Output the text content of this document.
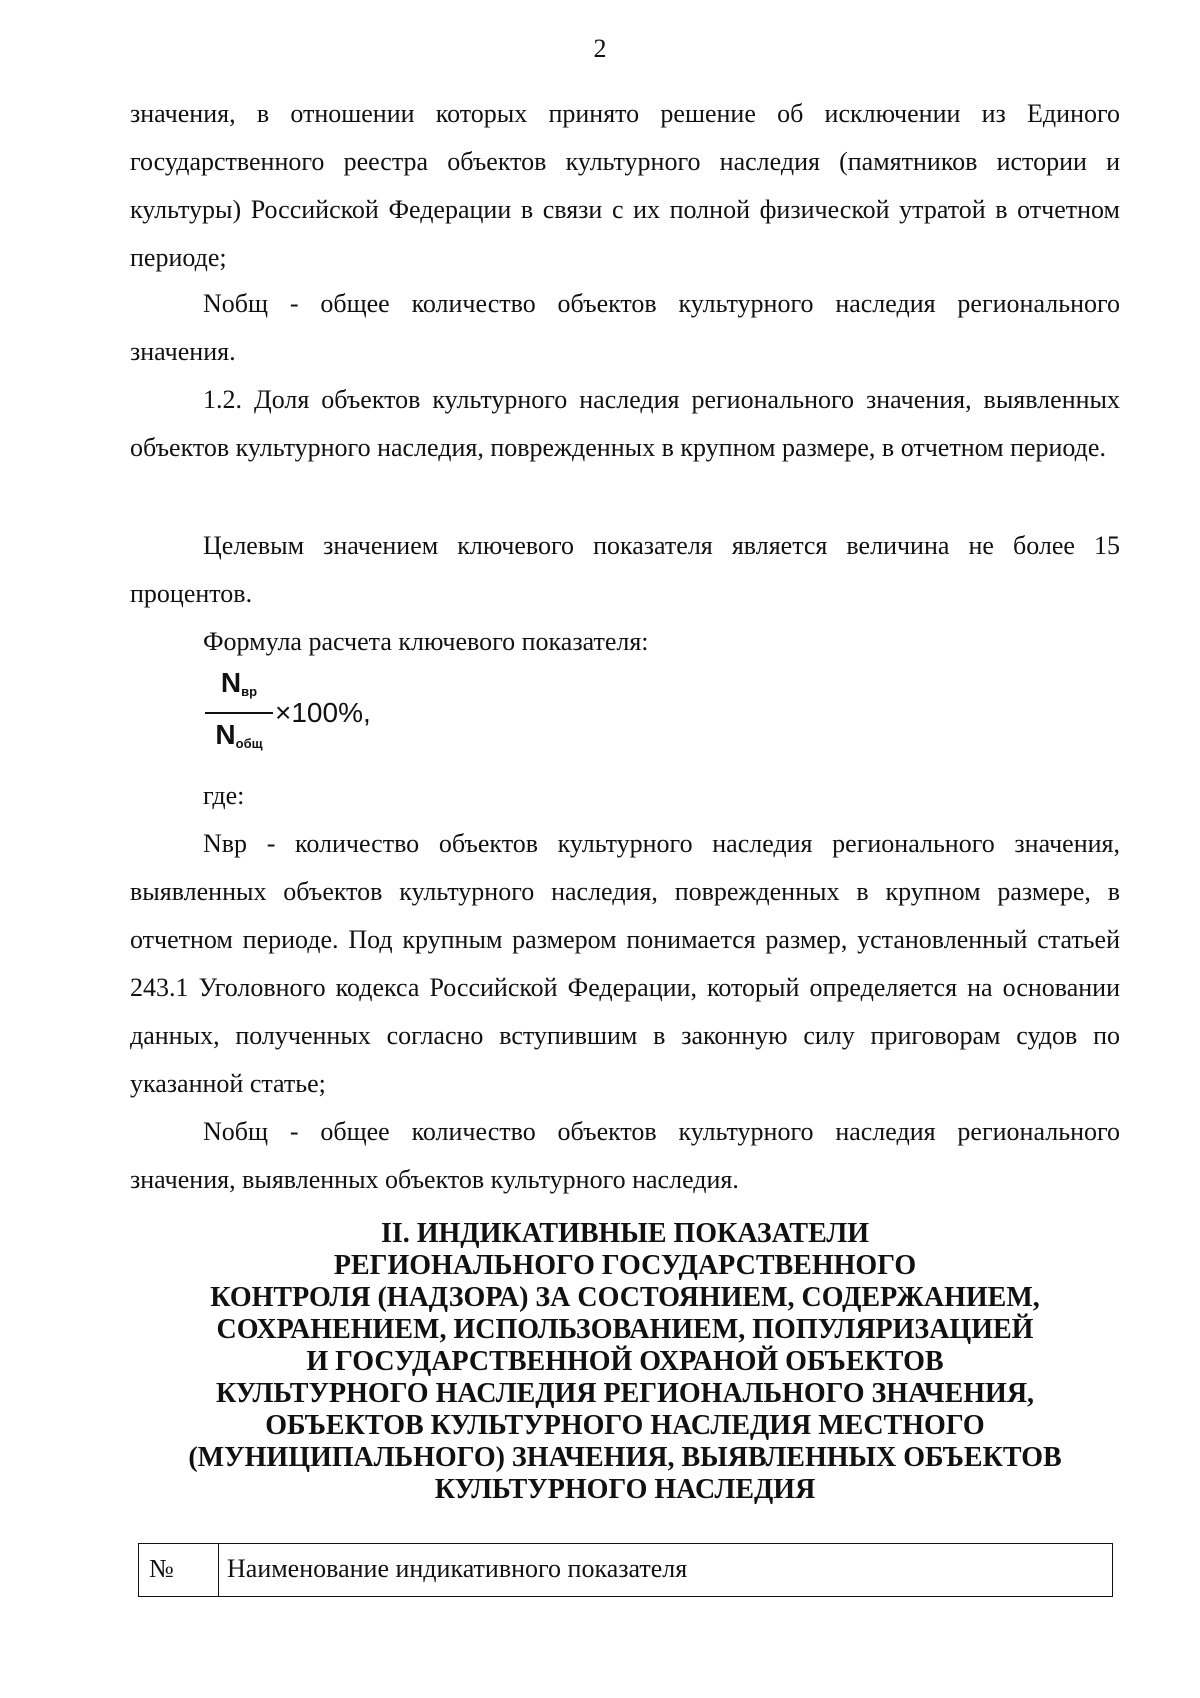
2
значения, в отношении которых принято решение об исключении из Единого государственного реестра объектов культурного наследия (памятников истории и культуры) Российской Федерации в связи с их полной физической утратой в отчетном периоде;
Nобщ - общее количество объектов культурного наследия регионального значения.
1.2. Доля объектов культурного наследия регионального значения, выявленных объектов культурного наследия, поврежденных в крупном размере, в отчетном периоде.
Целевым значением ключевого показателя является величина не более 15 процентов.
Формула расчета ключевого показателя:
$\frac{N_{вр}}{N_{общ}} \times 100\%$,
где:
Nвр - количество объектов культурного наследия регионального значения, выявленных объектов культурного наследия, поврежденных в крупном размере, в отчетном периоде. Под крупным размером понимается размер, установленный статьей 243.1 Уголовного кодекса Российской Федерации, который определяется на основании данных, полученных согласно вступившим в законную силу приговорам судов по указанной статье;
Nобщ - общее количество объектов культурного наследия регионального значения, выявленных объектов культурного наследия.
II. ИНДИКАТИВНЫЕ ПОКАЗАТЕЛИ
РЕГИОНАЛЬНОГО ГОСУДАРСТВЕННОГО
КОНТРОЛЯ (НАДЗОРА) ЗА СОСТОЯНИЕМ, СОДЕРЖАНИЕМ,
СОХРАНЕНИЕМ, ИСПОЛЬЗОВАНИЕМ, ПОПУЛЯРИЗАЦИЕЙ
И ГОСУДАРСТВЕННОЙ ОХРАНОЙ ОБЪЕКТОВ
КУЛЬТУРНОГО НАСЛЕДИЯ РЕГИОНАЛЬНОГО ЗНАЧЕНИЯ,
ОБЪЕКТОВ КУЛЬТУРНОГО НАСЛЕДИЯ МЕСТНОГО
(МУНИЦИПАЛЬНОГО) ЗНАЧЕНИЯ, ВЫЯВЛЕННЫХ ОБЪЕКТОВ
КУЛЬТУРНОГО НАСЛЕДИЯ
№	Наименование индикативного показателя
